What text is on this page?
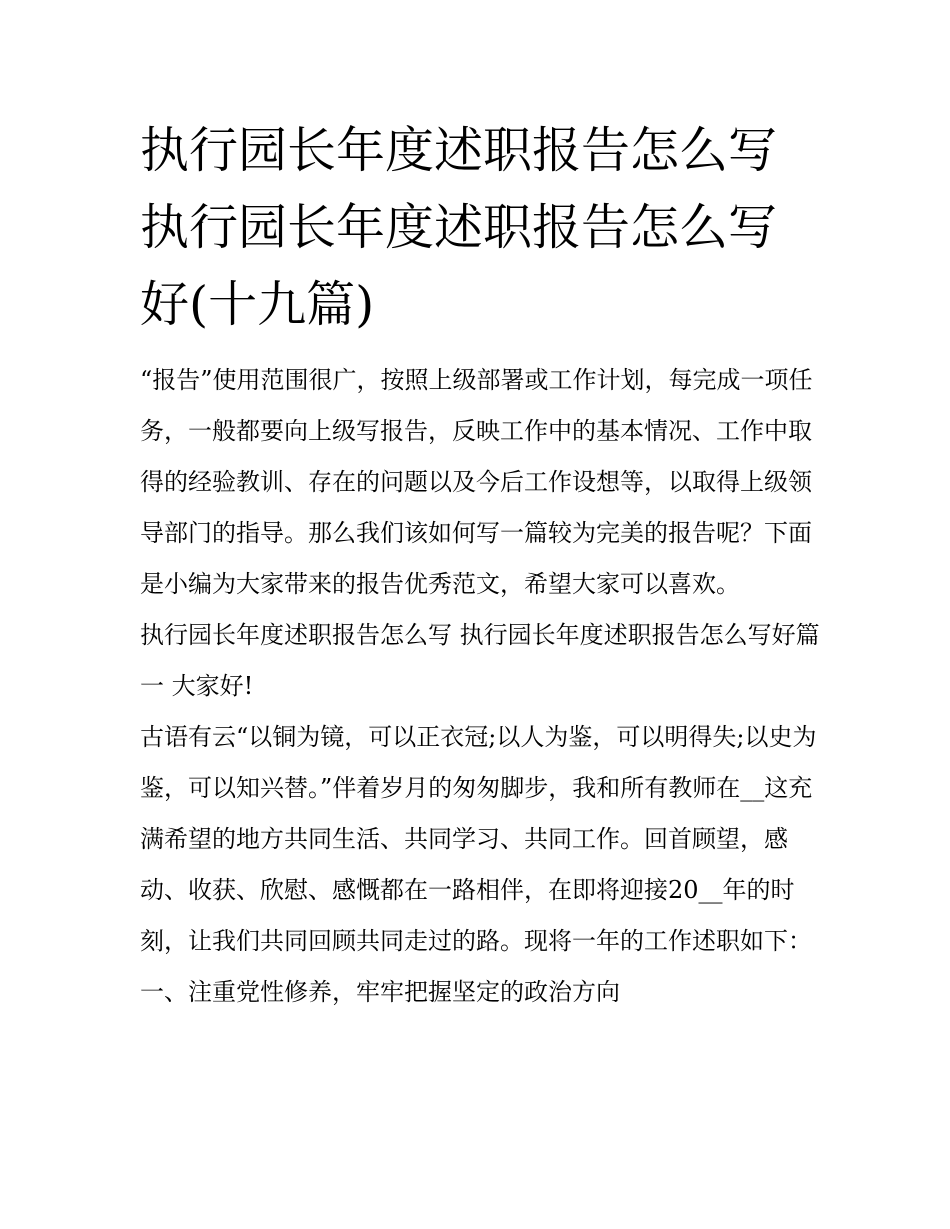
执行园长年度述职报告怎么写 执行园长年度述职报告怎么写好(十九篇)

“报告”使用范围很广，按照上级部署或工作计划，每完成一项任务，一般都要向上级写报告，反映工作中的基本情况、工作中取得的经验教训、存在的问题以及今后工作设想等，以取得上级领导部门的指导。那么我们该如何写一篇较为完美的报告呢？下面是小编为大家带来的报告优秀范文，希望大家可以喜欢。

执行园长年度述职报告怎么写 执行园长年度述职报告怎么写好篇一 大家好!

古语有云“以铜为镜，可以正衣冠;以人为鉴，可以明得失;以史为鉴，可以知兴替。”伴着岁月的匆匆脚步，我和所有教师在__这充满希望的地方共同生活、共同学习、共同工作。回首顾望，感动、收获、欣慰、感慨都在一路相伴，在即将迎接20__年的时刻，让我们共同回顾共同走过的路。现将一年的工作述职如下：

一、注重党性修养，牢牢把握坚定的政治方向
